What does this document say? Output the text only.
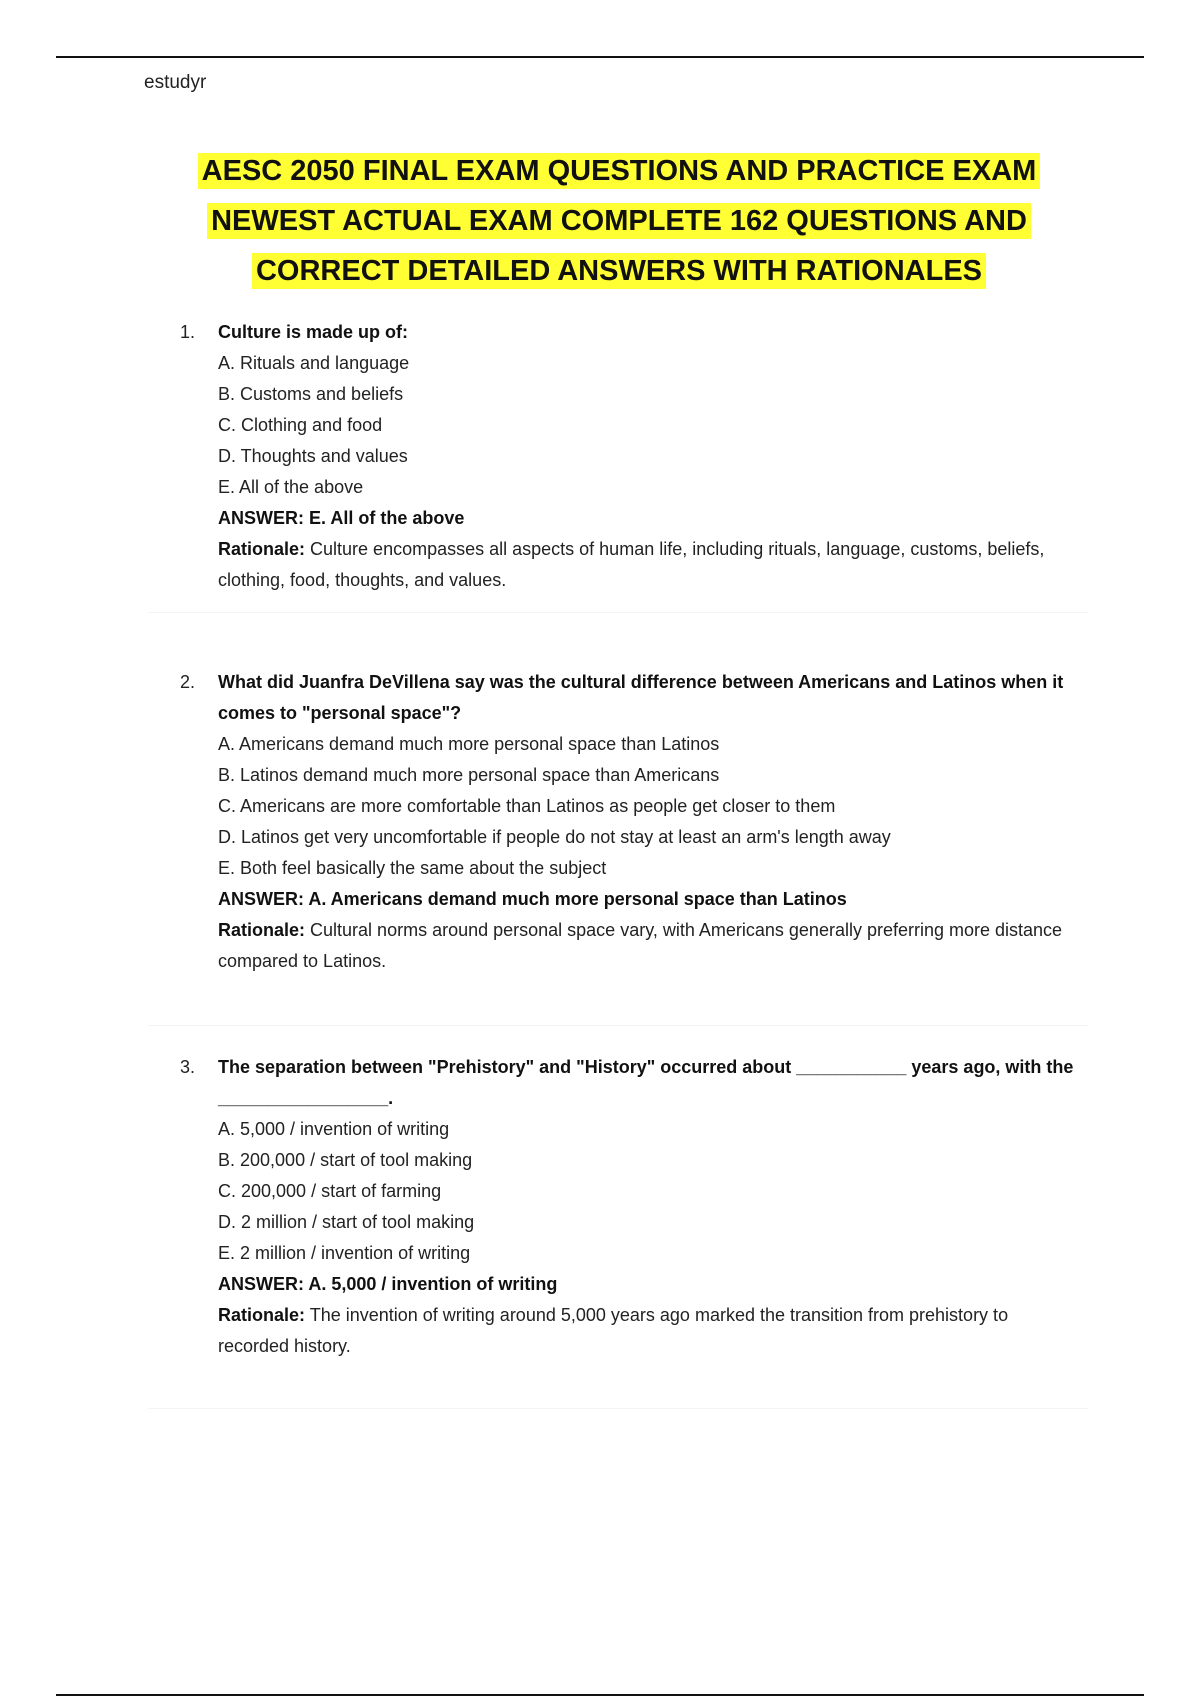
estudyr
AESC 2050 FINAL EXAM QUESTIONS AND PRACTICE EXAM
NEWEST ACTUAL EXAM COMPLETE 162 QUESTIONS AND
CORRECT DETAILED ANSWERS WITH RATIONALES
1.	Culture is made up of:
A. Rituals and language
B. Customs and beliefs
C. Clothing and food
D. Thoughts and values
E. All of the above
ANSWER: E. All of the above
Rationale: Culture encompasses all aspects of human life, including rituals, language, customs, beliefs, clothing, food, thoughts, and values.
2.	What did Juanfra DeVillena say was the cultural difference between Americans and Latinos when it comes to "personal space"?
A. Americans demand much more personal space than Latinos
B. Latinos demand much more personal space than Americans
C. Americans are more comfortable than Latinos as people get closer to them
D. Latinos get very uncomfortable if people do not stay at least an arm's length away
E. Both feel basically the same about the subject
ANSWER: A. Americans demand much more personal space than Latinos
Rationale: Cultural norms around personal space vary, with Americans generally preferring more distance compared to Latinos.
3.	The separation between "Prehistory" and "History" occurred about ___________ years ago, with the _________________.
A. 5,000 / invention of writing
B. 200,000 / start of tool making
C. 200,000 / start of farming
D. 2 million / start of tool making
E. 2 million / invention of writing
ANSWER: A. 5,000 / invention of writing
Rationale: The invention of writing around 5,000 years ago marked the transition from prehistory to recorded history.
